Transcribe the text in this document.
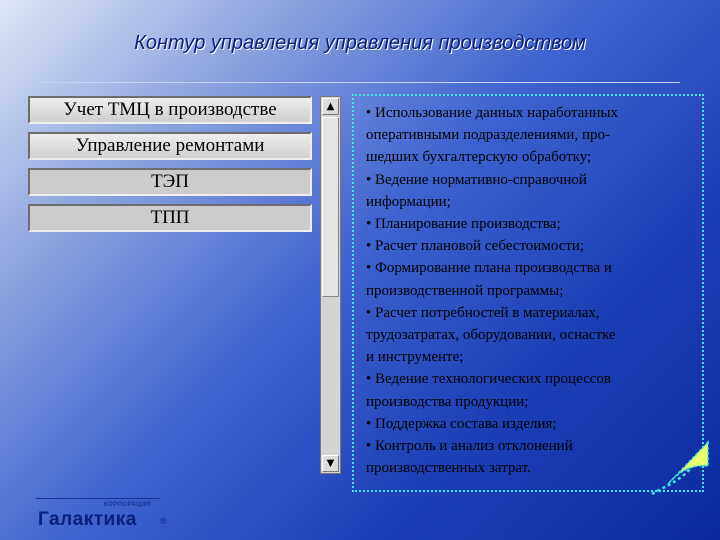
Контур управления управления производством
Учет ТМЦ в производстве
Управление ремонтами
ТЭП
ТПП
▲
▼
• Использование данных наработанных
оперативными подразделениями, про-
шедших бухгалтерскую обработку;
• Ведение нормативно-справочной
информации;
• Планирование производства;
• Расчет плановой себестоимости;
• Формирование плана производства и
производственной программы;
• Расчет потребностей в материалах,
трудозатратах, оборудовании, оснастке
и инструменте;
• Ведение технологических процессов
производства продукции;
• Поддержка состава изделия;
• Контроль и анализ отклонений
производственных затрат.
КОРПОРАЦИЯ
Галактика	®
